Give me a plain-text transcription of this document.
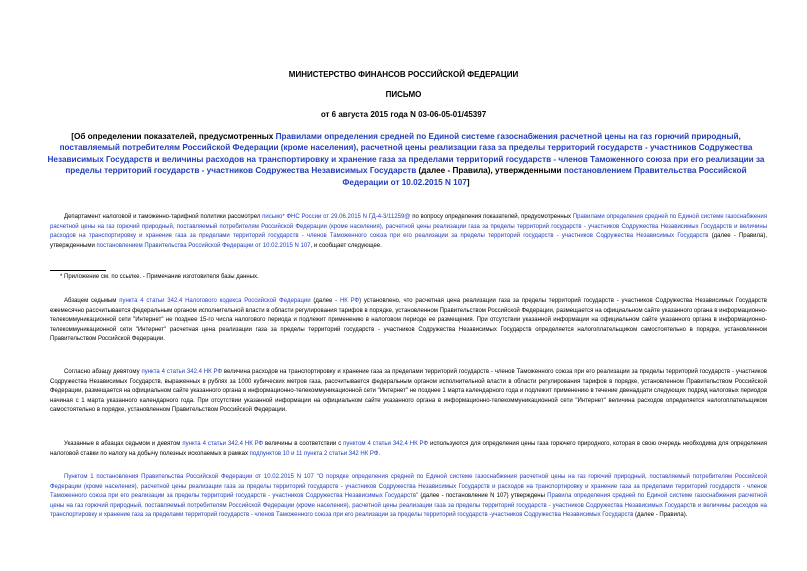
МИНИСТЕРСТВО ФИНАНСОВ РОССИЙСКОЙ ФЕДЕРАЦИИ
ПИСЬМО
от 6 августа 2015 года N 03-06-05-01/45397
[Об определении показателей, предусмотренных Правилами определения средней по Единой системе газоснабжения расчетной цены на газ горючий природный, поставляемый потребителям Российской Федерации (кроме населения), расчетной цены реализации газа за пределы территорий государств - участников Содружества Независимых Государств и величины расходов на транспортировку и хранение газа за пределами территорий государств - членов Таможенного союза при его реализации за пределы территорий государств - участников Содружества Независимых Государств (далее - Правила), утвержденными постановлением Правительства Российской Федерации от 10.02.2015 N 107]
Департамент налоговой и таможенно-тарифной политики рассмотрел письмо* ФНС России от 29.06.2015 N ГД-4-3/11259@ по вопросу определения показателей, предусмотренных Правилами определения средней по Единой системе газоснабжения расчетной цены на газ горючий природный, поставляемый потребителям Российской Федерации (кроме населения), расчетной цены реализации газа за пределы территорий государств - участников Содружества Независимых Государств и величины расходов на транспортировку и хранение газа за пределами территорий государств - членов Таможенного союза при его реализации за пределы территорий государств - участников Содружества Независимых Государств (далее - Правила), утвержденными постановлением Правительства Российской Федерации от 10.02.2015 N 107, и сообщает следующее.
* Приложение см. по ссылке. - Примечание изготовителя базы данных.
Абзацем седьмым пункта 4 статьи 342.4 Налогового кодекса Российской Федерации (далее - НК РФ) установлено, что расчетная цена реализации газа за пределы территорий государств - участников Содружества Независимых Государств ежемесячно рассчитывается федеральным органом исполнительной власти в области регулирования тарифов в порядке, установленном Правительством Российской Федерации, размещается на официальном сайте указанного органа в информационно-телекоммуникационной сети "Интернет" не позднее 15-го числа налогового периода и подлежит применению в налоговом периоде ее размещения. При отсутствии указанной информации на официальном сайте указанного органа в информационно-телекоммуникационной сети "Интернет" расчетная цена реализации газа за пределы территорий государств - участников Содружества Независимых Государств определяется налогоплательщиком самостоятельно в порядке, установленном Правительством Российской Федерации.
Согласно абзацу девятому пункта 4 статьи 342.4 НК РФ величина расходов на транспортировку и хранение газа за пределами территорий государств - членов Таможенного союза при его реализации за пределы территорий государств - участников Содружества Независимых Государств, выраженных в рублях за 1000 кубических метров газа, рассчитывается федеральным органом исполнительной власти в области регулирования тарифов в порядке, установленном Правительством Российской Федерации, размещается на официальном сайте указанного органа в информационно-телекоммуникационной сети "Интернет" не позднее 1 марта календарного года и подлежит применению в течение двенадцати следующих подряд налоговых периодов начиная с 1 марта указанного календарного года. При отсутствии указанной информации на официальном сайте указанного органа в информационно-телекоммуникационной сети "Интернет" величина расходов определяется налогоплательщиком самостоятельно в порядке, установленном Правительством Российской Федерации.
Указанные в абзацах седьмом и девятом пункта 4 статьи 342.4 НК РФ величины в соответствии с пунктом 4 статьи 342.4 НК РФ используются для определения цены газа горючего природного, которая в свою очередь необходима для определения налоговой ставки по налогу на добычу полезных ископаемых в рамках подпунктов 10 и 11 пункта 2 статьи 342 НК РФ.
Пунктом 1 постановления Правительства Российской Федерации от 10.02.2015 N 107 "О порядке определения средней по Единой системе газоснабжения расчетной цены на газ горючий природный, поставляемый потребителям Российской Федерации (кроме населения), расчетной цены реализации газа за пределы территорий государств - участников Содружества Независимых Государств и расходов на транспортировку и хранение газа за пределами территорий государств - членов Таможенного союза при его реализации за пределы территорий государств - участников Содружества Независимых Государств" (далее - постановление N 107) утверждены Правила определения средней по Единой системе газоснабжения расчетной цены на газ горючий природный, поставляемый потребителям Российской Федерации (кроме населения), расчетной цены реализации газа за пределы территорий государств - участников Содружества Независимых Государств и величины расходов на транспортировку и хранение газа за пределами территорий государств - членов Таможенного союза при его реализации за пределы территорий государств -участников Содружества Независимых Государств (далее - Правила).
